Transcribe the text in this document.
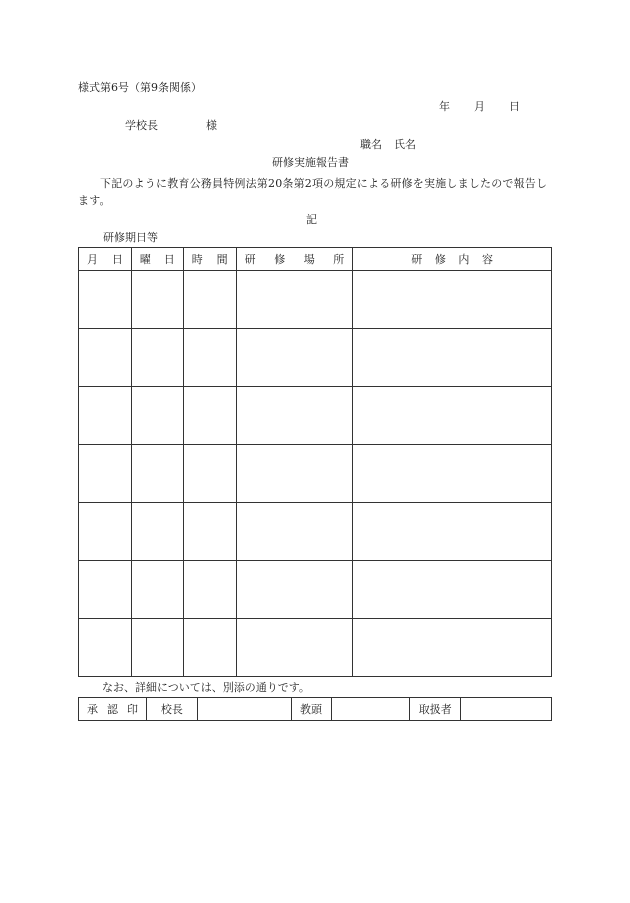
様式第6号（第9条関係）
年 月 日
学校長	様
職名 氏名
研修実施報告書
下記のように教育公務員特例法第20条第2項の規定による研修を実施しましたので報告します。
記
研修期日等
月 日	曜 日	時 間	研 修 場 所	研 修 内 容

なお、詳細については、別添の通りです。
承 認 印	校長		教頭		取扱者	
